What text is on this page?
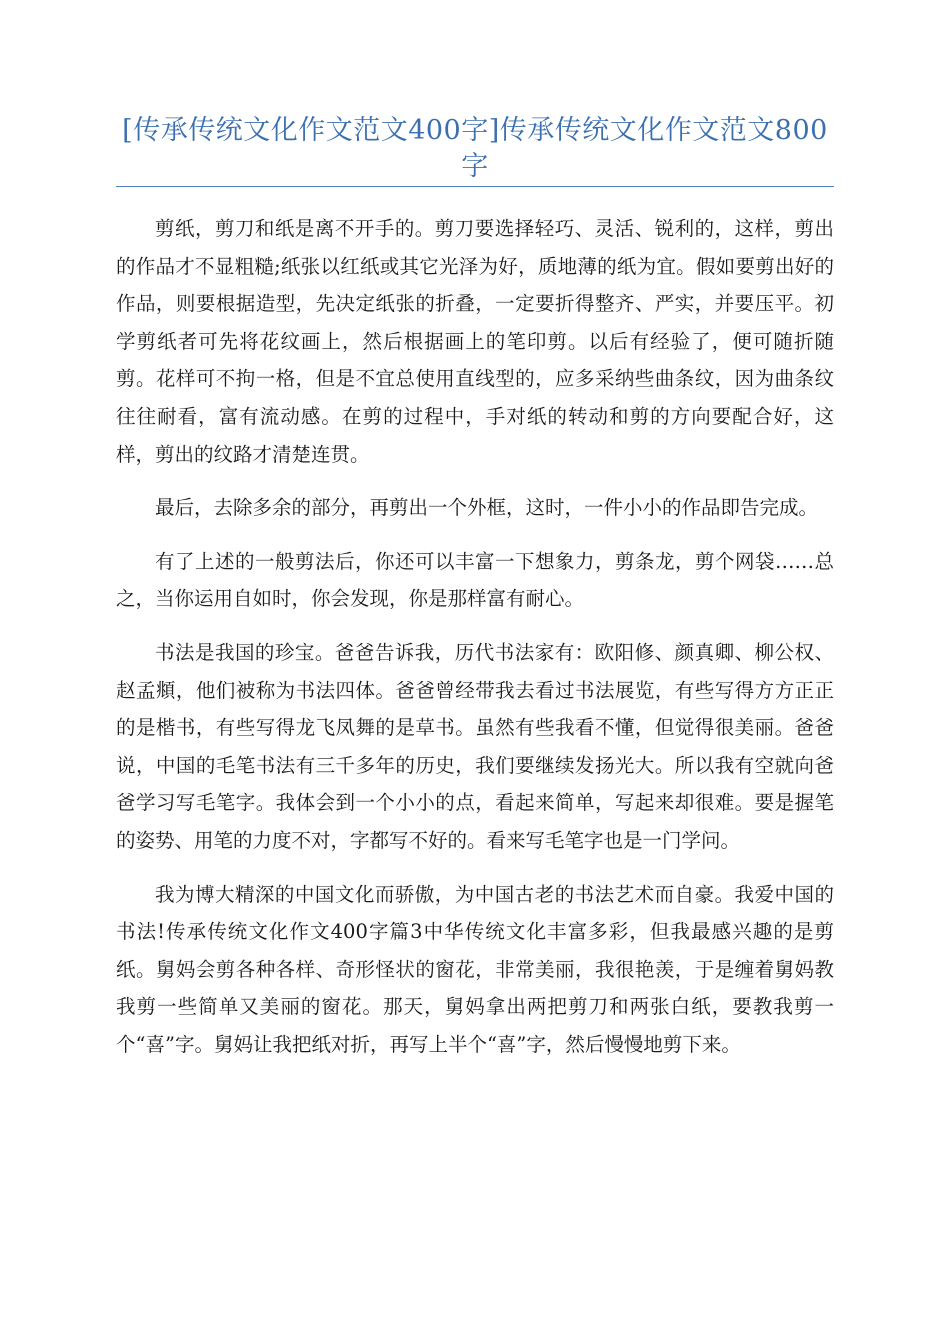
[传承传统文化作文范文400字]传承传统文化作文范文800字

剪纸，剪刀和纸是离不开手的。剪刀要选择轻巧、灵活、锐利的，这样，剪出的作品才不显粗糙;纸张以红纸或其它光泽为好，质地薄的纸为宜。假如要剪出好的作品，则要根据造型，先决定纸张的折叠，一定要折得整齐、严实，并要压平。初学剪纸者可先将花纹画上，然后根据画上的笔印剪。以后有经验了，便可随折随剪。花样可不拘一格，但是不宜总使用直线型的，应多采纳些曲条纹，因为曲条纹往往耐看，富有流动感。在剪的过程中，手对纸的转动和剪的方向要配合好，这样，剪出的纹路才清楚连贯。

最后，去除多余的部分，再剪出一个外框，这时，一件小小的作品即告完成。

有了上述的一般剪法后，你还可以丰富一下想象力，剪条龙，剪个网袋……总之，当你运用自如时，你会发现，你是那样富有耐心。

书法是我国的珍宝。爸爸告诉我，历代书法家有：欧阳修、颜真卿、柳公权、赵孟頫，他们被称为书法四体。爸爸曾经带我去看过书法展览，有些写得方方正正的是楷书，有些写得龙飞凤舞的是草书。虽然有些我看不懂，但觉得很美丽。爸爸说，中国的毛笔书法有三千多年的历史，我们要继续发扬光大。所以我有空就向爸爸学习写毛笔字。我体会到一个小小的点，看起来简单，写起来却很难。要是握笔的姿势、用笔的力度不对，字都写不好的。看来写毛笔字也是一门学问。

我为博大精深的中国文化而骄傲，为中国古老的书法艺术而自豪。我爱中国的书法!传承传统文化作文400字篇3中华传统文化丰富多彩，但我最感兴趣的是剪纸。舅妈会剪各种各样、奇形怪状的窗花，非常美丽，我很艳羡，于是缠着舅妈教我剪一些简单又美丽的窗花。那天，舅妈拿出两把剪刀和两张白纸，要教我剪一个“喜”字。舅妈让我把纸对折，再写上半个“喜”字，然后慢慢地剪下来。
